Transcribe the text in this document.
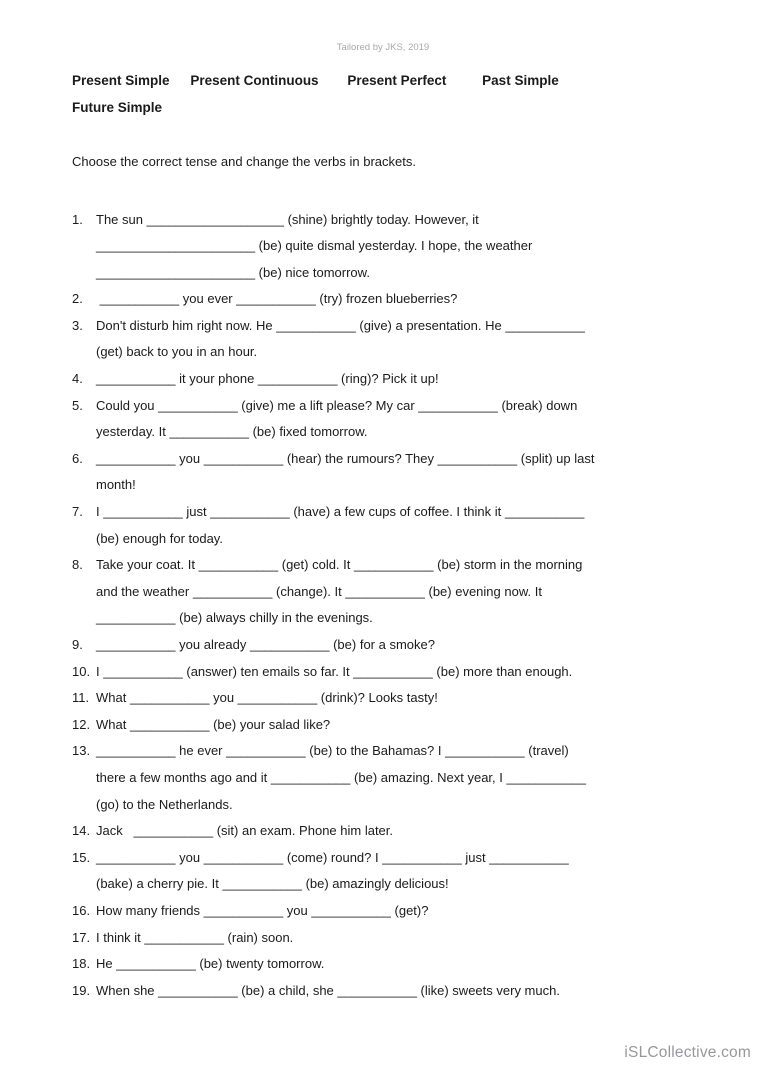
Tailored by JKS, 2019
Present Simple Present Continuous Present Perfect	Past Simple
Future Simple
Choose the correct tense and change the verbs in brackets.
1.	The sun ___________________ (shine) brightly today. However, it
______________________ (be) quite dismal yesterday. I hope, the weather
______________________ (be) nice tomorrow.
2.	___________ you ever ___________ (try) frozen blueberries?
3.	Don't disturb him right now. He ___________ (give) a presentation. He ___________
(get) back to you in an hour.
4.	___________ it your phone ___________ (ring)? Pick it up!
5.	Could you ___________ (give) me a lift please? My car ___________ (break) down
yesterday. It ___________ (be) fixed tomorrow.
6.	___________ you ___________ (hear) the rumours? They ___________ (split) up last
month!
7.	I ___________ just ___________ (have) a few cups of coffee. I think it ___________
(be) enough for today.
8.	Take your coat. It ___________ (get) cold. It ___________ (be) storm in the morning
and the weather ___________ (change). It ___________ (be) evening now. It
___________ (be) always chilly in the evenings.
9.	___________ you already ___________ (be) for a smoke?
10. I ___________ (answer) ten emails so far. It ___________ (be) more than enough.
11. What ___________ you ___________ (drink)? Looks tasty!
12. What ___________ (be) your salad like?
13. ___________ he ever ___________ (be) to the Bahamas? I ___________ (travel)
there a few months ago and it ___________ (be) amazing. Next year, I ___________
(go) to the Netherlands.
14. Jack   ___________ (sit) an exam. Phone him later.
15. ___________ you ___________ (come) round? I ___________ just ___________
(bake) a cherry pie. It ___________ (be) amazingly delicious!
16. How many friends ___________ you ___________ (get)?
17. I think it ___________ (rain) soon.
18. He ___________ (be) twenty tomorrow.
19. When she ___________ (be) a child, she ___________ (like) sweets very much.
iSLCollective.com
